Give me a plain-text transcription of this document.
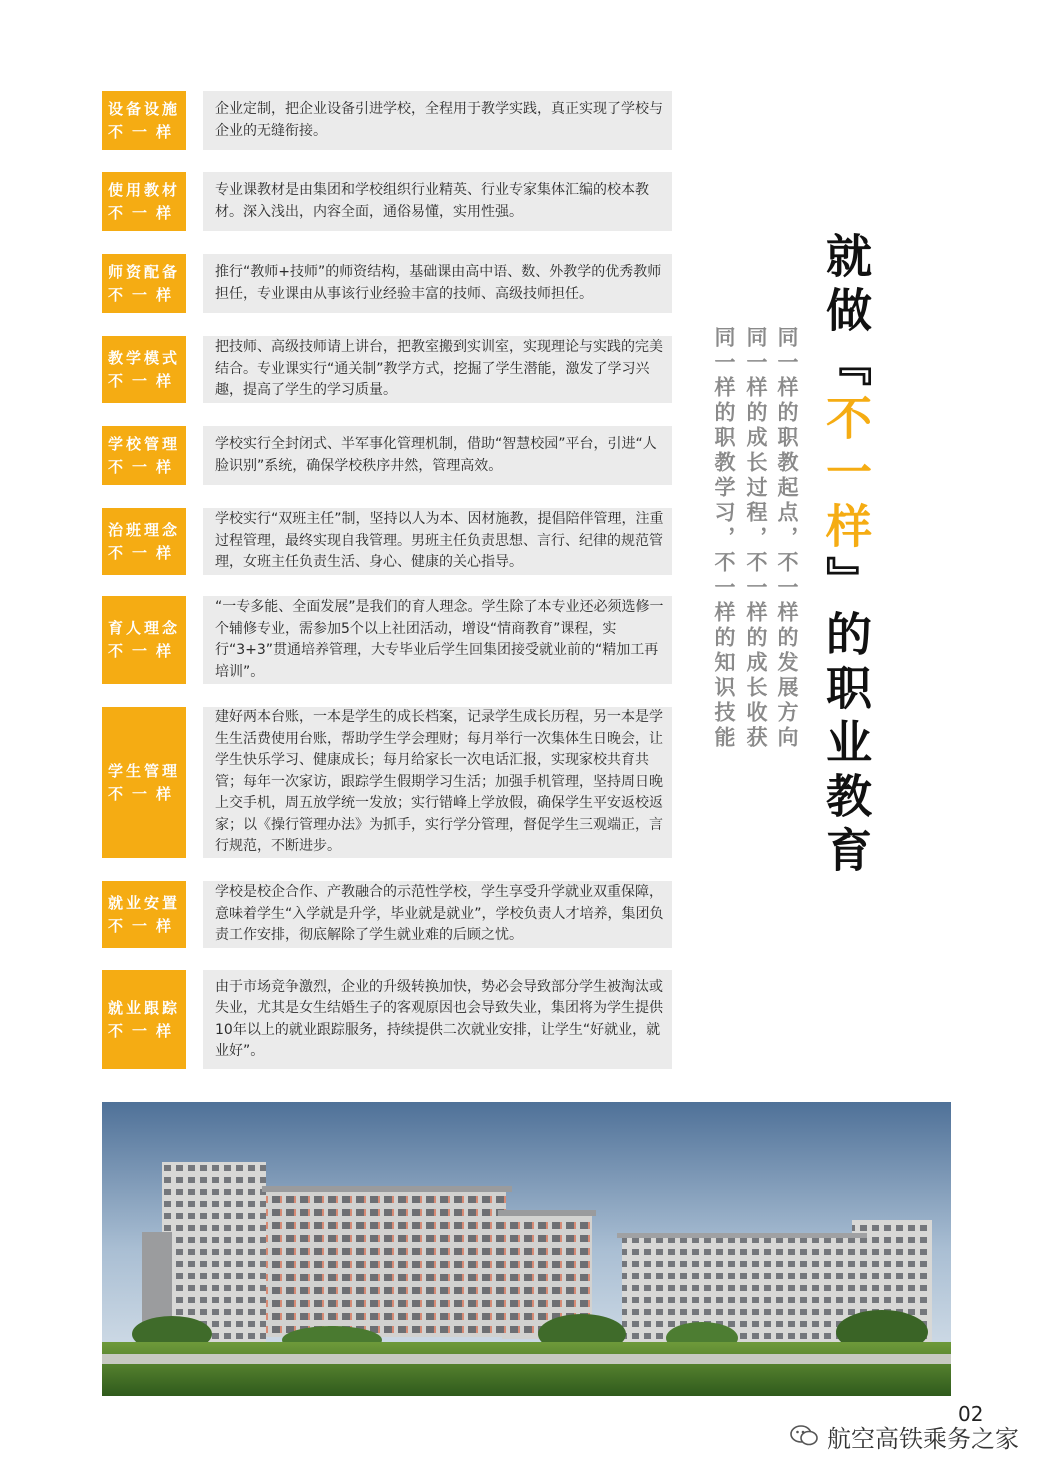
设备设施
不一样
企业定制，把企业设备引进学校，全程用于教学实践，真正实现了学校与企业的无缝衔接。
使用教材
不一样
专业课教材是由集团和学校组织行业精英、行业专家集体汇编的校本教材。深入浅出，内容全面，通俗易懂，实用性强。
师资配备
不一样
推行“教师+技师”的师资结构，基础课由高中语、数、外教学的优秀教师担任，专业课由从事该行业经验丰富的技师、高级技师担任。
教学模式
不一样
把技师、高级技师请上讲台，把教室搬到实训室，实现理论与实践的完美结合。专业课实行“通关制”教学方式，挖掘了学生潜能，激发了学习兴趣，提高了学生的学习质量。
学校管理
不一样
学校实行全封闭式、半军事化管理机制，借助“智慧校园”平台，引进“人脸识别”系统，确保学校秩序井然，管理高效。
治班理念
不一样
学校实行“双班主任”制，坚持以人为本、因材施教，提倡陪伴管理，注重过程管理，最终实现自我管理。男班主任负责思想、言行、纪律的规范管理，女班主任负责生活、身心、健康的关心指导。
育人理念
不一样
“一专多能、全面发展”是我们的育人理念。学生除了本专业还必须选修一个辅修专业，需参加5个以上社团活动，增设“情商教育”课程，实行“3+3”贯通培养管理，大专毕业后学生回集团接受就业前的“精加工再培训”。
学生管理
不一样
建好两本台账，一本是学生的成长档案，记录学生成长历程，另一本是学生生活费使用台账，帮助学生学会理财；每月举行一次集体生日晚会，让学生快乐学习、健康成长；每月给家长一次电话汇报，实现家校共育共管；每年一次家访，跟踪学生假期学习生活；加强手机管理，坚持周日晚上交手机，周五放学统一发放；实行错峰上学放假，确保学生平安返校返家；以《操行管理办法》为抓手，实行学分管理，督促学生三观端正，言行规范，不断进步。
就业安置
不一样
学校是校企合作、产教融合的示范性学校，学生享受升学就业双重保障，意味着学生“入学就是升学，毕业就是就业”，学校负责人才培养，集团负责工作安排，彻底解除了学生就业难的后顾之忧。
就业跟踪
不一样
由于市场竞争激烈，企业的升级转换加快，势必会导致部分学生被淘汰或失业，尤其是女生结婚生子的客观原因也会导致失业，集团将为学生提供10年以上的就业跟踪服务，持续提供二次就业安排，让学生“好就业，就业好”。
同一样的职教起点，不一样的发展方向
同一样的成长过程，不一样的成长收获
同一样的职教学习，不一样的知识技能
就做『不一样』的职业教育
02
航空高铁乘务之家
